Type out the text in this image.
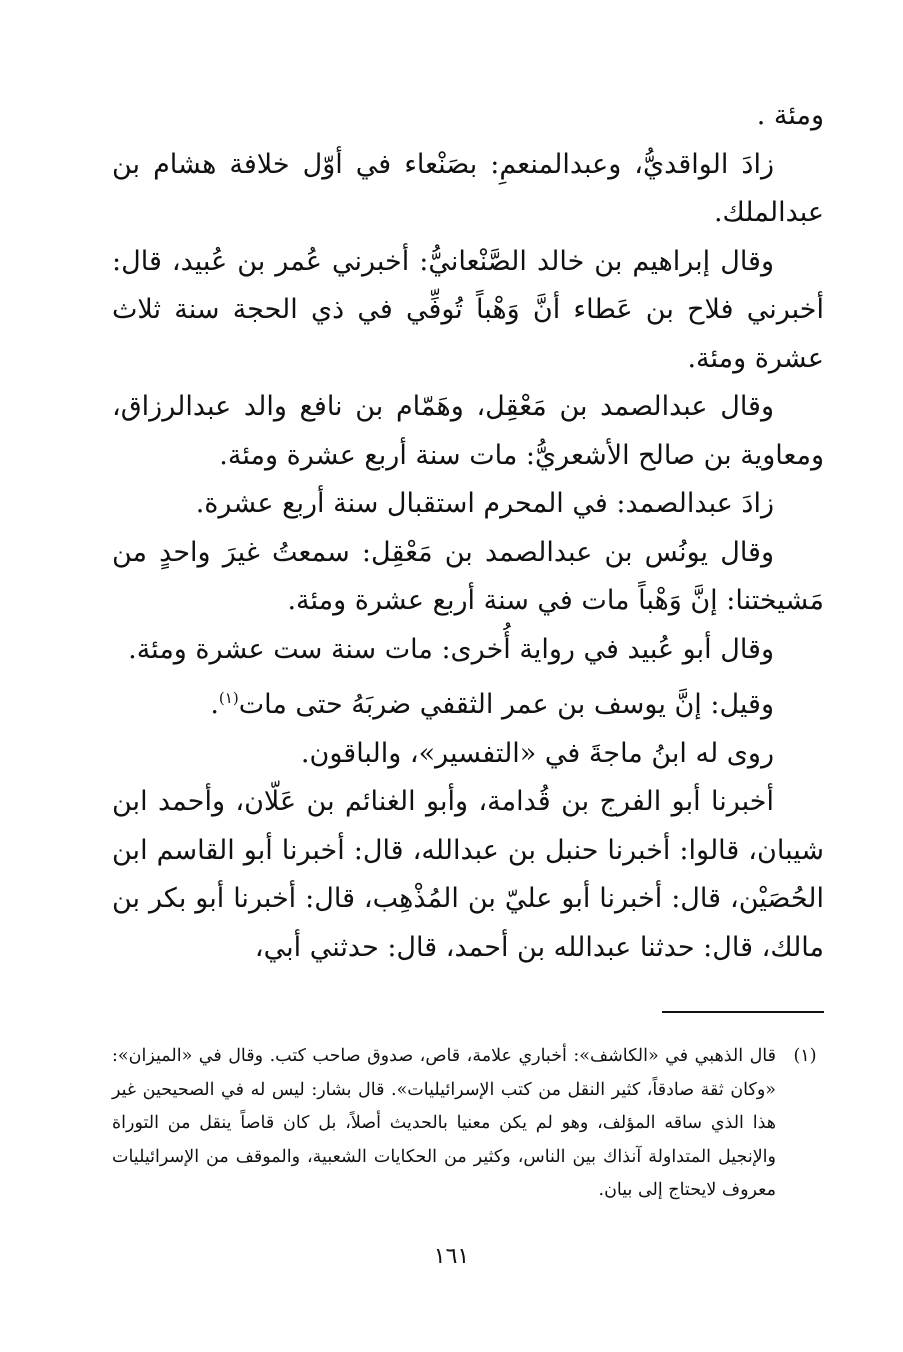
ومئة .

زادَ الواقديُّ، وعبدالمنعمِ: بصَنْعاء في أوّل خلافة هشام بن عبدالملك.

وقال إبراهيم بن خالد الصَّنْعانيُّ: أخبرني عُمر بن عُبيد، قال: أخبرني فلاح بن عَطاء أنَّ وَهْباً تُوفِّي في ذي الحجة سنة ثلاث عشرة ومئة.

وقال عبدالصمد بن مَعْقِل، وهَمّام بن نافع والد عبدالرزاق، ومعاوية بن صالح الأشعريُّ: مات سنة أربع عشرة ومئة.

زادَ عبدالصمد: في المحرم استقبال سنة أربع عشرة.

وقال يونُس بن عبدالصمد بن مَعْقِل: سمعتُ غيرَ واحدٍ من مَشيختنا: إنَّ وَهْباً مات في سنة أربع عشرة ومئة.

وقال أبو عُبيد في رواية أُخرى: مات سنة ست عشرة ومئة.

وقيل: إنَّ يوسف بن عمر الثقفي ضربَهُ حتى مات$^{(١)}$.

روى له ابنُ ماجةَ في «التفسير»، والباقون.

أخبرنا أبو الفرج بن قُدامة، وأبو الغنائم بن عَلّان، وأحمد ابن شيبان، قالوا: أخبرنا حنبل بن عبدالله، قال: أخبرنا أبو القاسم ابن الحُصَيْن، قال: أخبرنا أبو عليّ بن المُذْهِب، قال: أخبرنا أبو بكر بن مالك، قال: حدثنا عبدالله بن أحمد، قال: حدثني أبي،

(١)
قال الذهبي في «الكاشف»: أخباري علامة، قاص، صدوق صاحب كتب. وقال في «الميزان»: «وكان ثقة صادقاً، كثير النقل من كتب الإسرائيليات». قال بشار: ليس له في الصحيحين غير هذا الذي ساقه المؤلف، وهو لم يكن معنيا بالحديث أصلاً، بل كان قاصاً ينقل من التوراة والإنجيل المتداولة آنذاك بين الناس، وكثير من الحكايات الشعبية، والموقف من الإسرائيليات معروف لايحتاج إلى بيان.
١٦١
